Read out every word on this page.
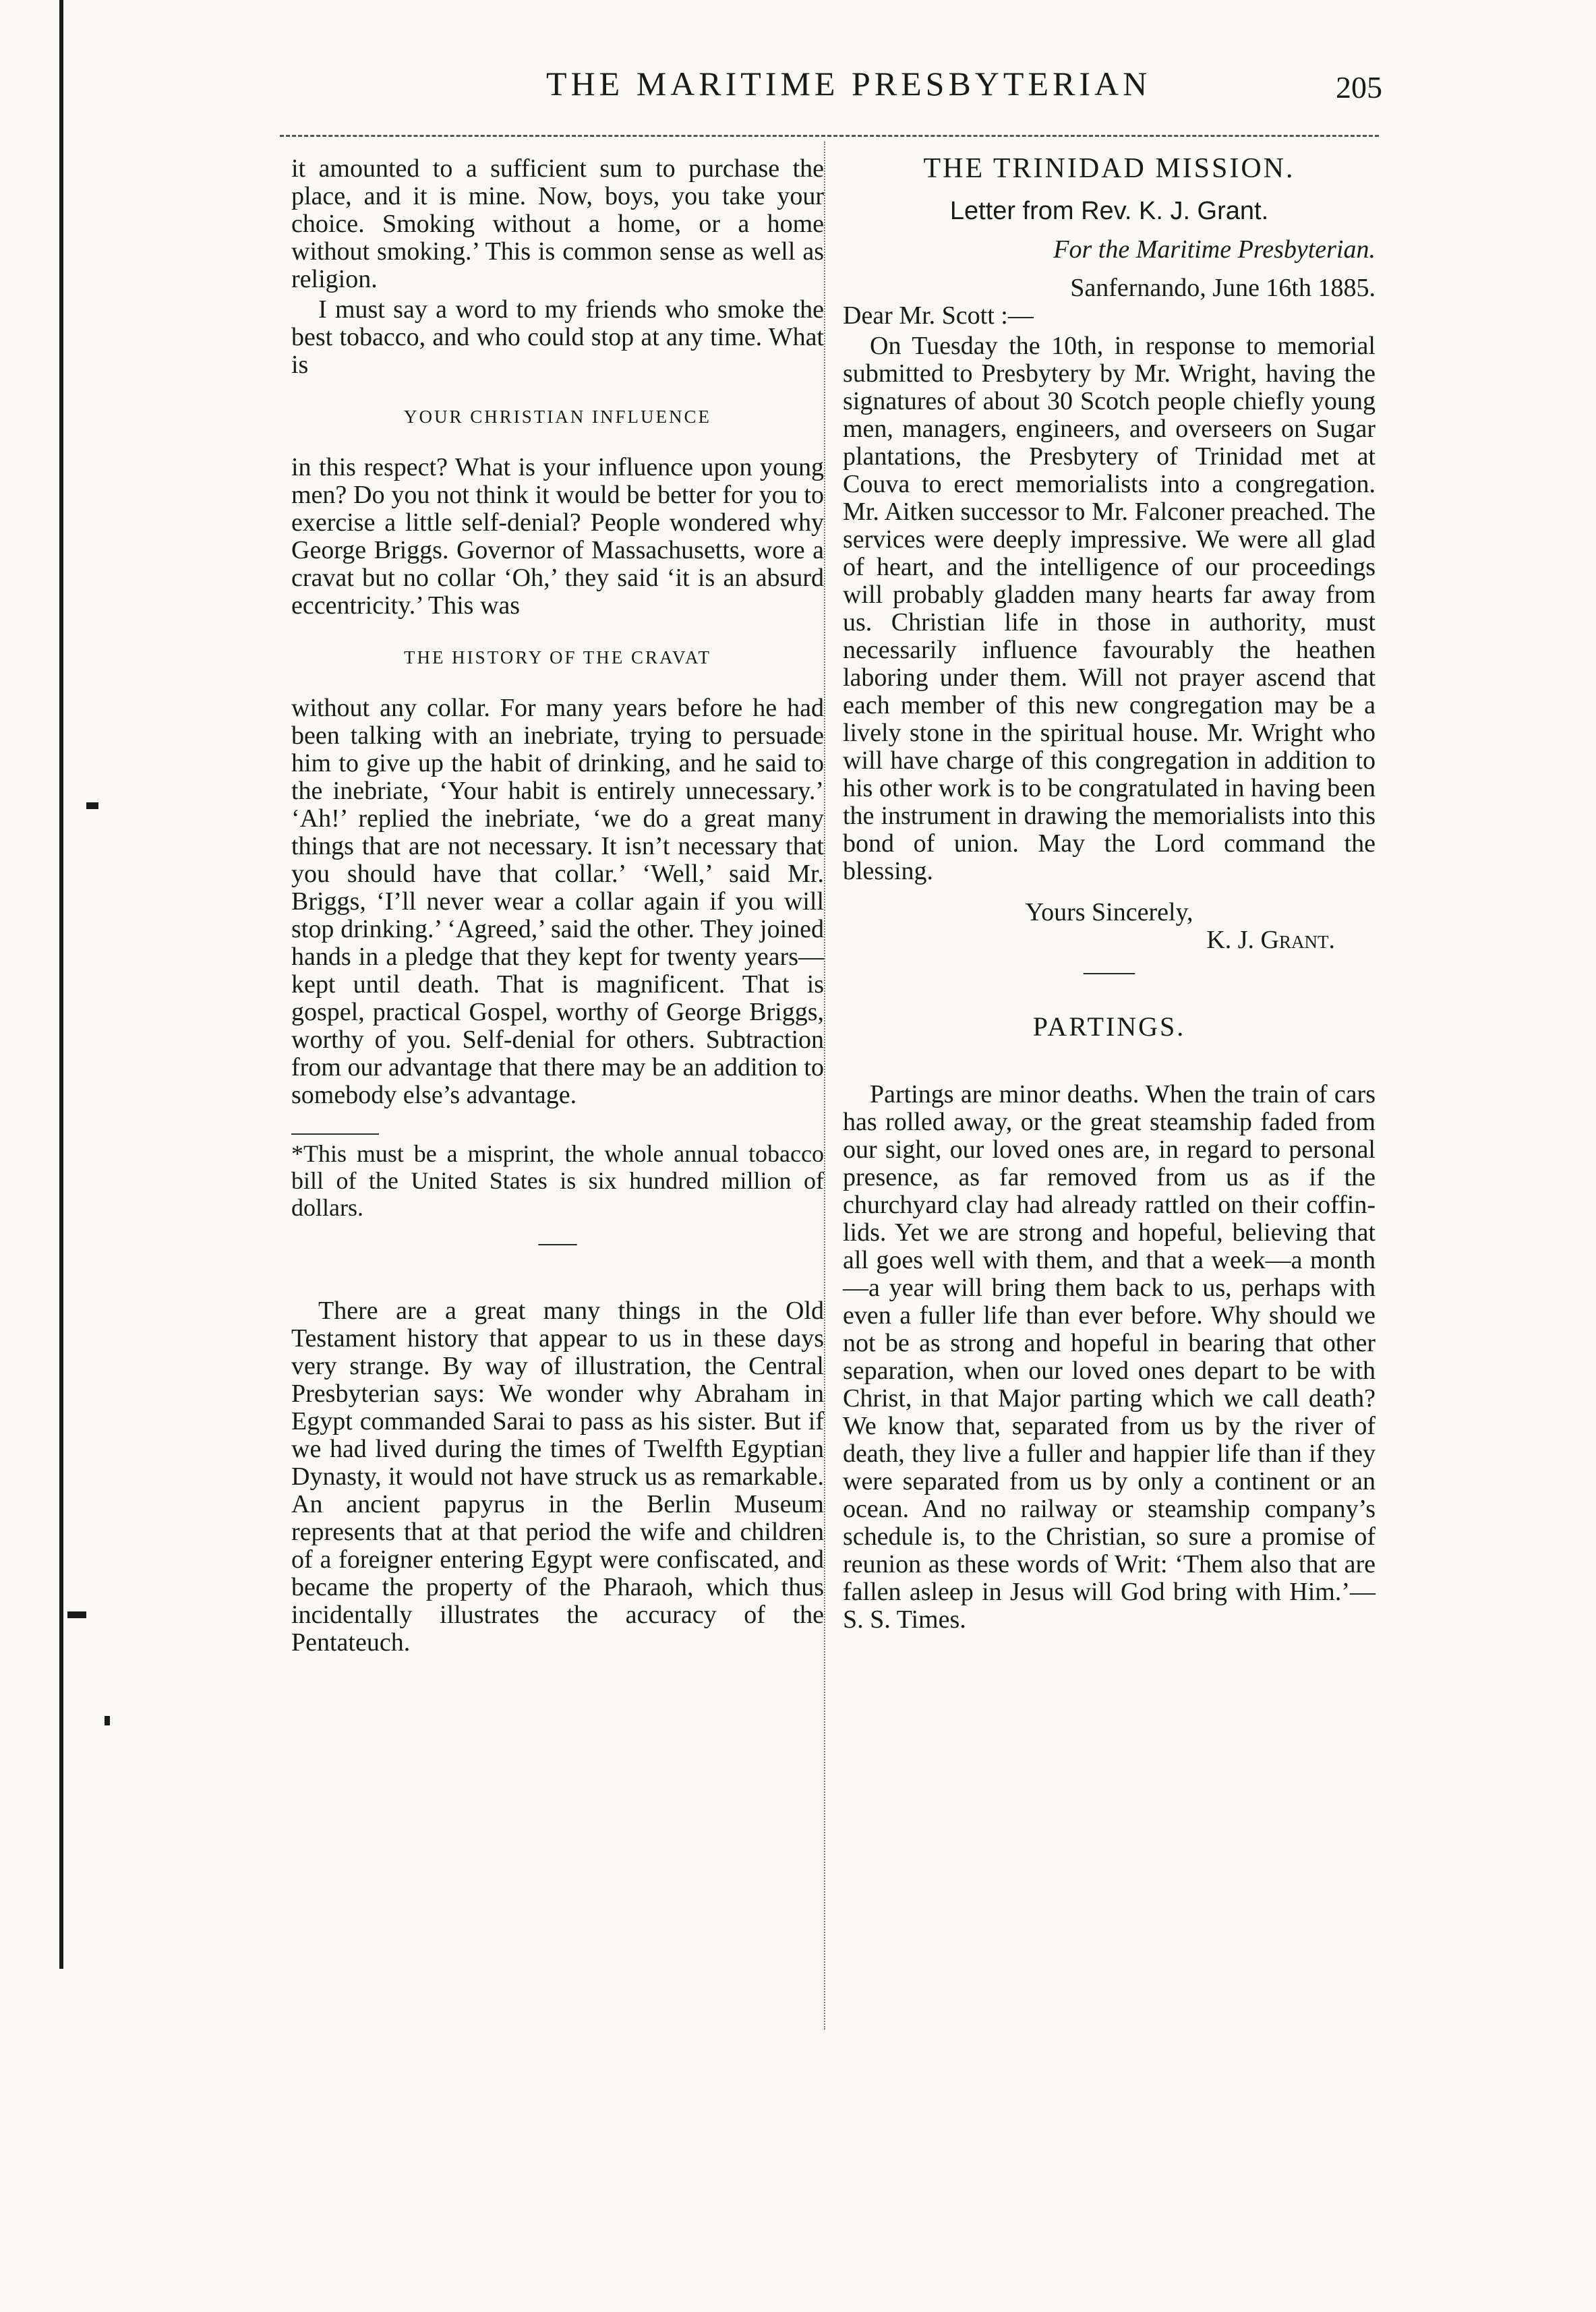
THE MARITIME PRESBYTERIAN	205

it amounted to a sufficient sum to purchase the place, and it is mine. Now, boys, you take your choice. Smoking without a home, or a home without smoking.’ This is common sense as well as religion.

I must say a word to my friends who smoke the best tobacco, and who could stop at any time. What is

YOUR CHRISTIAN INFLUENCE

in this respect? What is your influence upon young men? Do you not think it would be better for you to exercise a little self-denial? People wondered why George Briggs. Governor of Massachusetts, wore a cravat but no collar ‘Oh,’ they said ‘it is an absurd eccentricity.’ This was

THE HISTORY OF THE CRAVAT

without any collar. For many years before he had been talking with an inebriate, trying to persuade him to give up the habit of drinking, and he said to the inebriate, ‘Your habit is entirely unnecessary.’ ‘Ah!’ replied the inebriate, ‘we do a great many things that are not necessary. It isn’t necessary that you should have that collar.’ ‘Well,’ said Mr. Briggs, ‘I’ll never wear a collar again if you will stop drinking.’ ‘Agreed,’ said the other. They joined hands in a pledge that they kept for twenty years—kept until death. That is magnificent. That is gospel, practical Gospel, worthy of George Briggs, worthy of you. Self-denial for others. Subtraction from our advantage that there may be an addition to somebody else’s advantage.

*This must be a misprint, the whole annual tobacco bill of the United States is six hundred million of dollars.

—–

There are a great many things in the Old Testament history that appear to us in these days very strange. By way of illustration, the Central Presbyterian says: We wonder why Abraham in Egypt commanded Sarai to pass as his sister. But if we had lived during the times of Twelfth Egyptian Dynasty, it would not have struck us as remarkable. An ancient papyrus in the Berlin Museum represents that at that period the wife and children of a foreigner entering Egypt were confiscated, and became the property of the Pharaoh, which thus incidentally illustrates the accuracy of the Pentateuch.

THE TRINIDAD MISSION.
Letter from Rev. K. J. Grant.
For the Maritime Presbyterian.
Sanfernando, June 16th 1885.

Dear Mr. Scott :—

On Tuesday the 10th, in response to memorial submitted to Presbytery by Mr. Wright, having the signatures of about 30 Scotch people chiefly young men, managers, engineers, and overseers on Sugar plantations, the Presbytery of Trinidad met at Couva to erect memorialists into a congregation. Mr. Aitken successor to Mr. Falconer preached. The services were deeply impressive. We were all glad of heart, and the intelligence of our proceedings will probably gladden many hearts far away from us. Christian life in those in authority, must necessarily influence favourably the heathen laboring under them. Will not prayer ascend that each member of this new congregation may be a lively stone in the spiritual house. Mr. Wright who will have charge of this congregation in addition to his other work is to be congratulated in having been the instrument in drawing the memorialists into this bond of union. May the Lord command the blessing.

Yours Sincerely,
K. J. Grant.
——
PARTINGS.

Partings are minor deaths. When the train of cars has rolled away, or the great steamship faded from our sight, our loved ones are, in regard to personal presence, as far removed from us as if the churchyard clay had already rattled on their coffin-lids. Yet we are strong and hopeful, believing that all goes well with them, and that a week—a month—a year will bring them back to us, perhaps with even a fuller life than ever before. Why should we not be as strong and hopeful in bearing that other separation, when our loved ones depart to be with Christ, in that Major parting which we call death? We know that, separated from us by the river of death, they live a fuller and happier life than if they were separated from us by only a continent or an ocean. And no railway or steamship company’s schedule is, to the Christian, so sure a promise of reunion as these words of Writ: ‘Them also that are fallen asleep in Jesus will God bring with Him.’—S. S. Times.
